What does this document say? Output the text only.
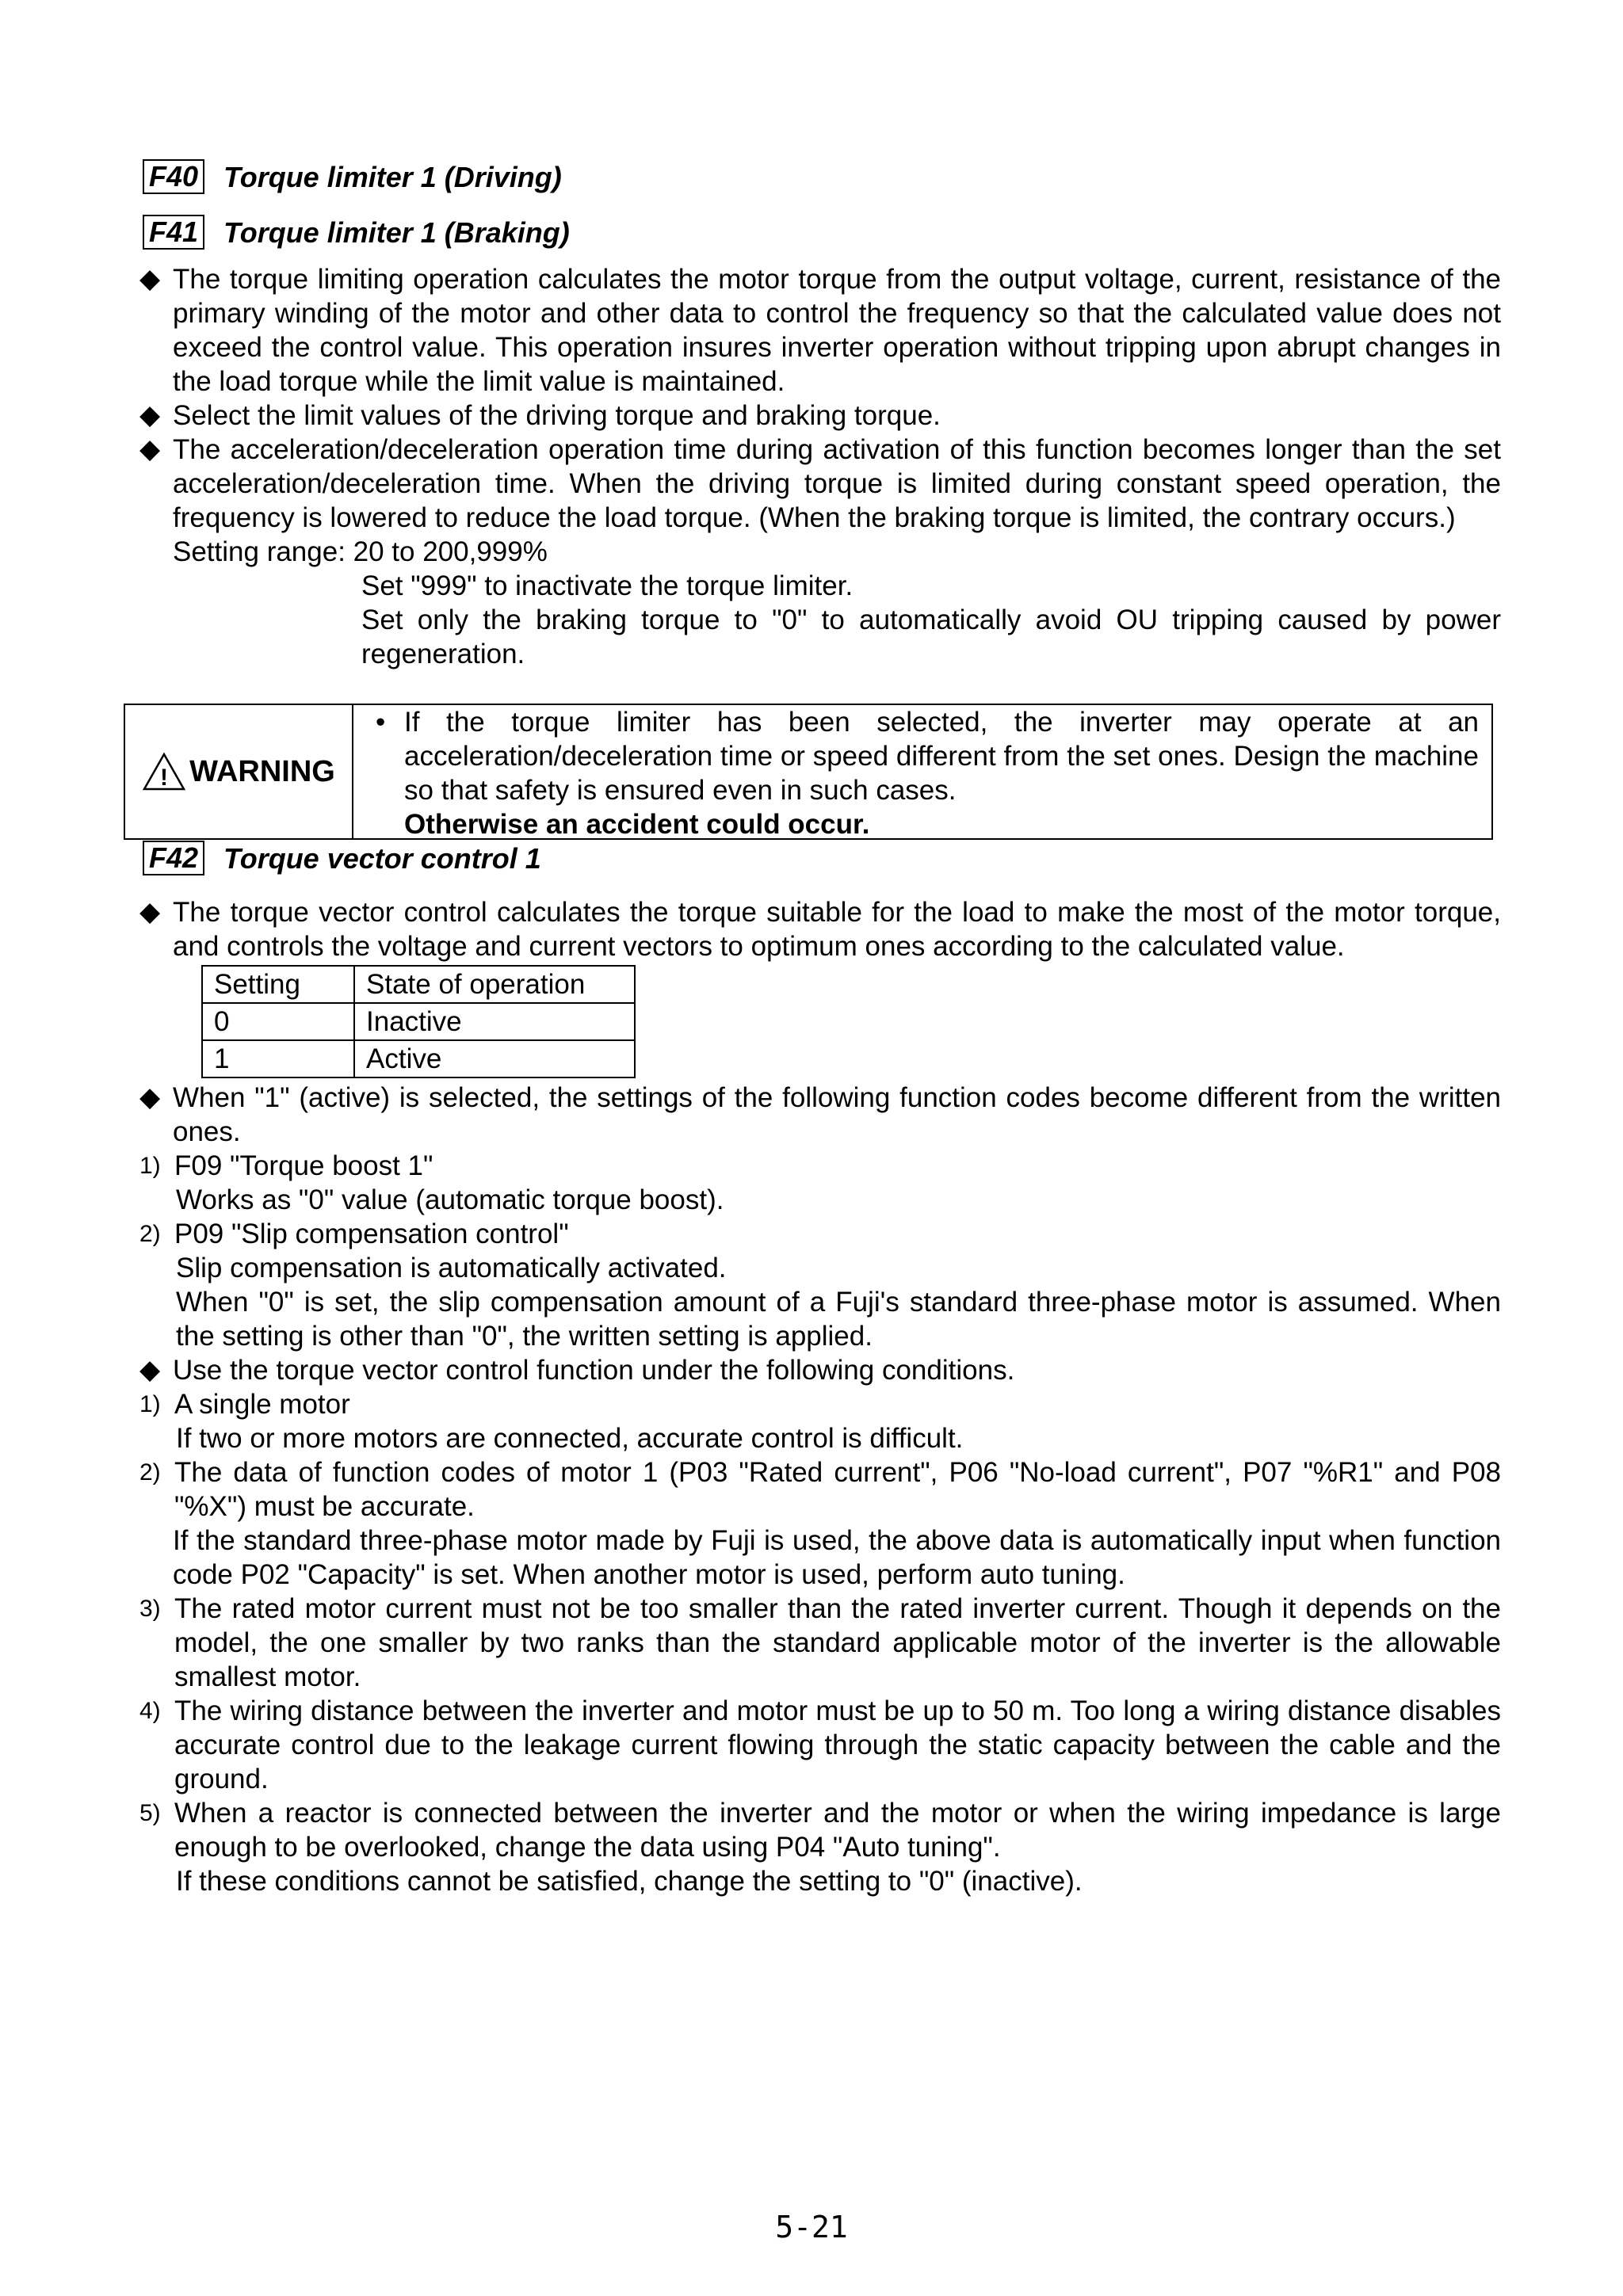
F40 Torque limiter 1 (Driving)
F41 Torque limiter 1 (Braking)

◆ The torque limiting operation calculates the motor torque from the output voltage, current, resistance of the primary winding of the motor and other data to control the frequency so that the calculated value does not exceed the control value. This operation insures inverter operation without tripping upon abrupt changes in the load torque while the limit value is maintained.

◆ Select the limit values of the driving torque and braking torque.

◆ The acceleration/deceleration operation time during activation of this function becomes longer than the set acceleration/deceleration time. When the driving torque is limited during constant speed operation, the frequency is lowered to reduce the load torque. (When the braking torque is limited, the contrary occurs.)

Setting range: 20 to 200,999%

Set "999" to inactivate the torque limiter.

Set only the braking torque to "0" to automatically avoid OU tripping caused by power regeneration.

! WARNING

• If the torque limiter has been selected, the inverter may operate at an acceleration/deceleration time or speed different from the set ones. Design the machine so that safety is ensured even in such cases.
Otherwise an accident could occur.

F42 Torque vector control 1

◆ The torque vector control calculates the torque suitable for the load to make the most of the motor torque, and controls the voltage and current vectors to optimum ones according to the calculated value.

Setting	State of operation
0	Inactive
1	Active

◆ When "1" (active) is selected, the settings of the following function codes become different from the written ones.

1) F09 "Torque boost 1"

Works as "0" value (automatic torque boost).

2) P09 "Slip compensation control"

Slip compensation is automatically activated.

When "0" is set, the slip compensation amount of a Fuji's standard three-phase motor is assumed. When the setting is other than "0", the written setting is applied.

◆ Use the torque vector control function under the following conditions.

1) A single motor

If two or more motors are connected, accurate control is difficult.

2) The data of function codes of motor 1 (P03 "Rated current", P06 "No-load current", P07 "%R1" and P08 "%X") must be accurate.

If the standard three-phase motor made by Fuji is used, the above data is automatically input when function code P02 "Capacity" is set. When another motor is used, perform auto tuning.

3) The rated motor current must not be too smaller than the rated inverter current. Though it depends on the model, the one smaller by two ranks than the standard applicable motor of the inverter is the allowable smallest motor.

4) The wiring distance between the inverter and motor must be up to 50 m. Too long a wiring distance disables accurate control due to the leakage current flowing through the static capacity between the cable and the ground.

5) When a reactor is connected between the inverter and the motor or when the wiring impedance is large enough to be overlooked, change the data using P04 "Auto tuning".

If these conditions cannot be satisfied, change the setting to "0" (inactive).

5-21
